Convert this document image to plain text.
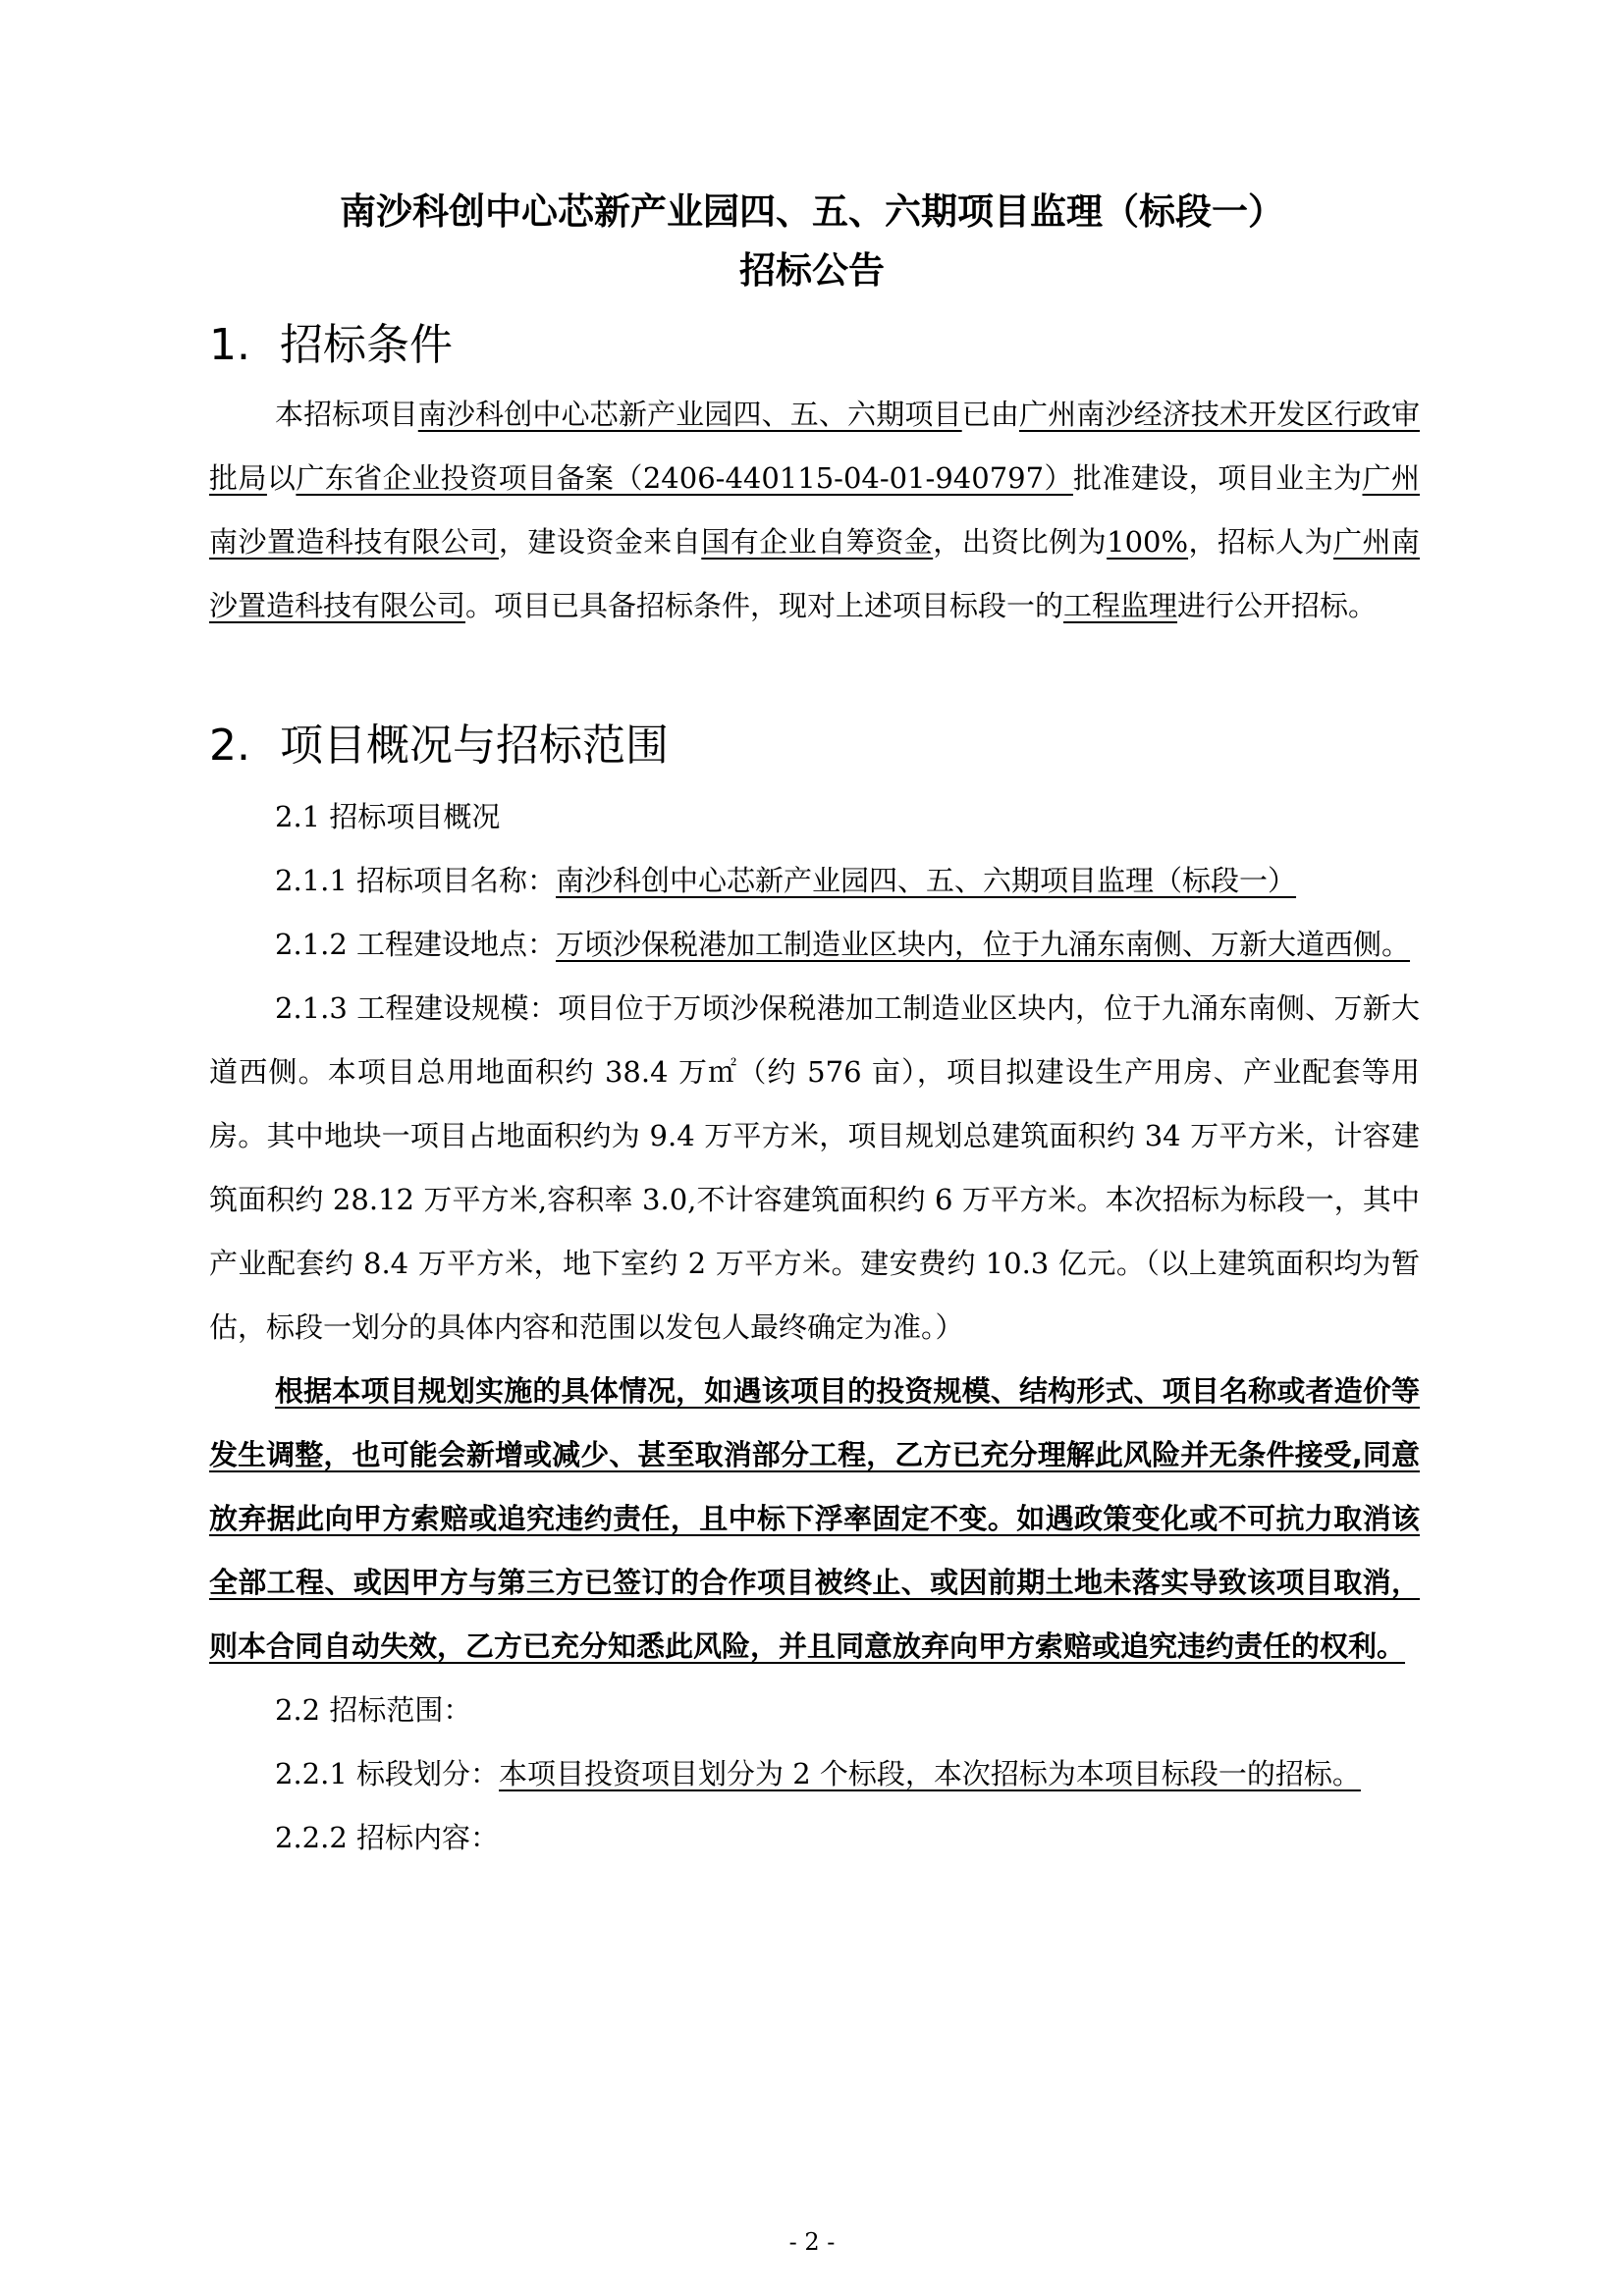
南沙科创中心芯新产业园四、五、六期项目监理（标段一）
招标公告
1. 招标条件

本招标项目南沙科创中心芯新产业园四、五、六期项目已由广州南沙经济技术开发区行政审批局以广东省企业投资项目备案（2406-440115-04-01-940797）批准建设，项目业主为广州南沙置造科技有限公司，建设资金来自国有企业自筹资金，出资比例为100%，招标人为广州南沙置造科技有限公司。项目已具备招标条件，现对上述项目标段一的工程监理进行公开招标。

2. 项目概况与招标范围

2.1 招标项目概况

2.1.1 招标项目名称：南沙科创中心芯新产业园四、五、六期项目监理（标段一）

2.1.2 工程建设地点：万顷沙保税港加工制造业区块内，位于九涌东南侧、万新大道西侧。

2.1.3 工程建设规模：项目位于万顷沙保税港加工制造业区块内，位于九涌东南侧、万新大道西侧。本项目总用地面积约 38.4 万㎡（约 576 亩），项目拟建设生产用房、产业配套等用房。其中地块一项目占地面积约为 9.4 万平方米，项目规划总建筑面积约 34 万平方米，计容建筑面积约 28.12 万平方米,容积率 3.0,不计容建筑面积约 6 万平方米。本次招标为标段一，其中产业配套约 8.4 万平方米，地下室约 2 万平方米。建安费约 10.3 亿元。（以上建筑面积均为暂估，标段一划分的具体内容和范围以发包人最终确定为准。）

根据本项目规划实施的具体情况，如遇该项目的投资规模、结构形式、项目名称或者造价等发生调整，也可能会新增或减少、甚至取消部分工程，乙方已充分理解此风险并无条件接受,同意放弃据此向甲方索赔或追究违约责任，且中标下浮率固定不变。如遇政策变化或不可抗力取消该全部工程、或因甲方与第三方已签订的合作项目被终止、或因前期土地未落实导致该项目取消，则本合同自动失效，乙方已充分知悉此风险，并且同意放弃向甲方索赔或追究违约责任的权利。

2.2 招标范围：

2.2.1 标段划分：本项目投资项目划分为 2 个标段，本次招标为本项目标段一的招标。

2.2.2 招标内容：

- 2 -
